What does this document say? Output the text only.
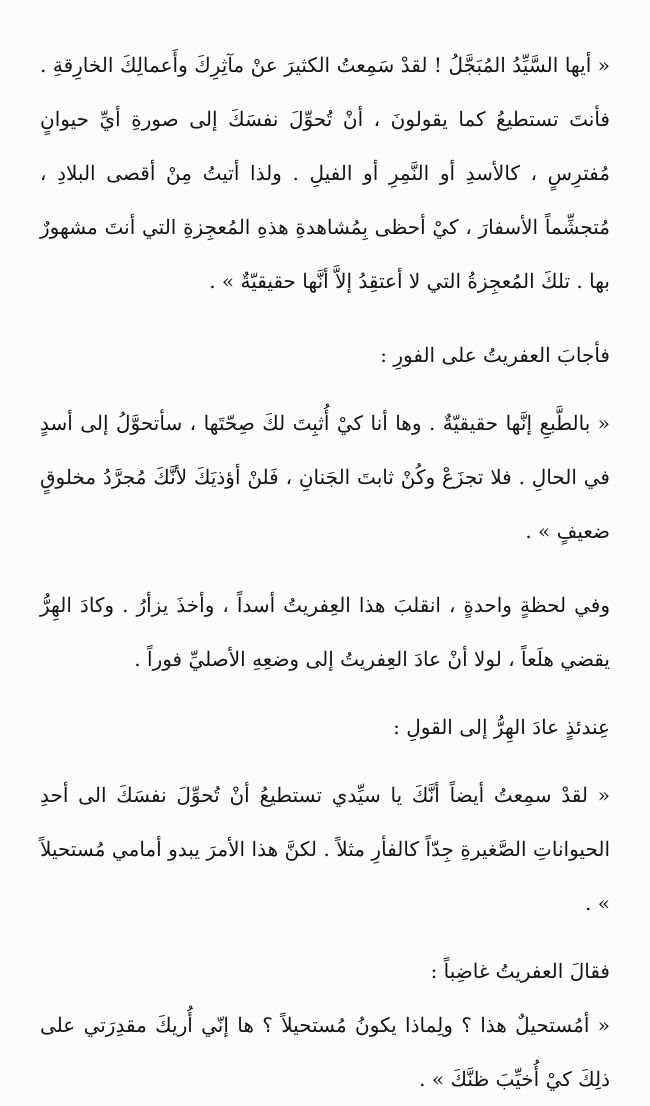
« أيها السَّيِّدُ المُبَجَّلُ ! لقدْ سَمِعتُ الكثيرَ عنْ مآثِرِكَ وأَعمالِكَ الخارِقةِ . فأنتَ تستطيعُ كما يقولونَ ، أنْ تُحوِّلَ نفسَكَ إلى صورةِ أيِّ حيوانٍ مُفترِسٍ ، كالأسدِ أو النَّمِرِ أو الفيلِ . ولذا أتيتُ مِنْ أقصى البلادِ ، مُتجشِّماً الأسفارَ ، كيْ أحظى بِمُشاهدةِ هذهِ المُعجِزةِ التي أنتَ مشهورٌ بها . تلكَ المُعجِزةُ التي لا أعتقِدُ إلاَّ أنَّها حقيقيّةٌ » .

فأجابَ العفريتُ على الفورِ :

« بالطَّبعِ إنَّها حقيقيّةٌ . وها أنا كيْ أُثبِتَ لكَ صِحّتَها ، سأتحوَّلُ إلى أسدٍ في الحالِ . فلا تجزَعْ وكُنْ ثابتَ الجَنانِ ، فَلنْ أؤذيَكَ لأنَّكَ مُجرَّدُ مخلوقٍ ضعيفٍ » .

وفي لحظةٍ واحدةٍ ، انقلبَ هذا العِفريتُ أسداً ، وأخذَ يزأرُ . وكادَ الهِرُّ يقضي هلَعاً ، لولا أنْ عادَ العِفريتُ إلى وضعِهِ الأصليِّ فوراً .

عِندئذٍ عادَ الهِرُّ إلى القولِ :

« لقدْ سمِعتُ أيضاً أنَّكَ يا سيِّدي تستطيعُ أنْ تُحوِّلَ نفسَكَ الى أحدِ الحيواناتِ الصَّغيرةِ جِدّاً كالفأرِ مثلاً . لكنَّ هذا الأمرَ يبدو أمامي مُستحيلاً » .

فقالَ العفريتُ غاضِباً :

« أمُستحيلٌ هذا ؟ ولِماذا يكونُ مُستحيلاً ؟ ها إنّي أُريكَ مقدِرَتي على ذلِكَ كيْ أُخيِّبَ ظنَّكَ » .
